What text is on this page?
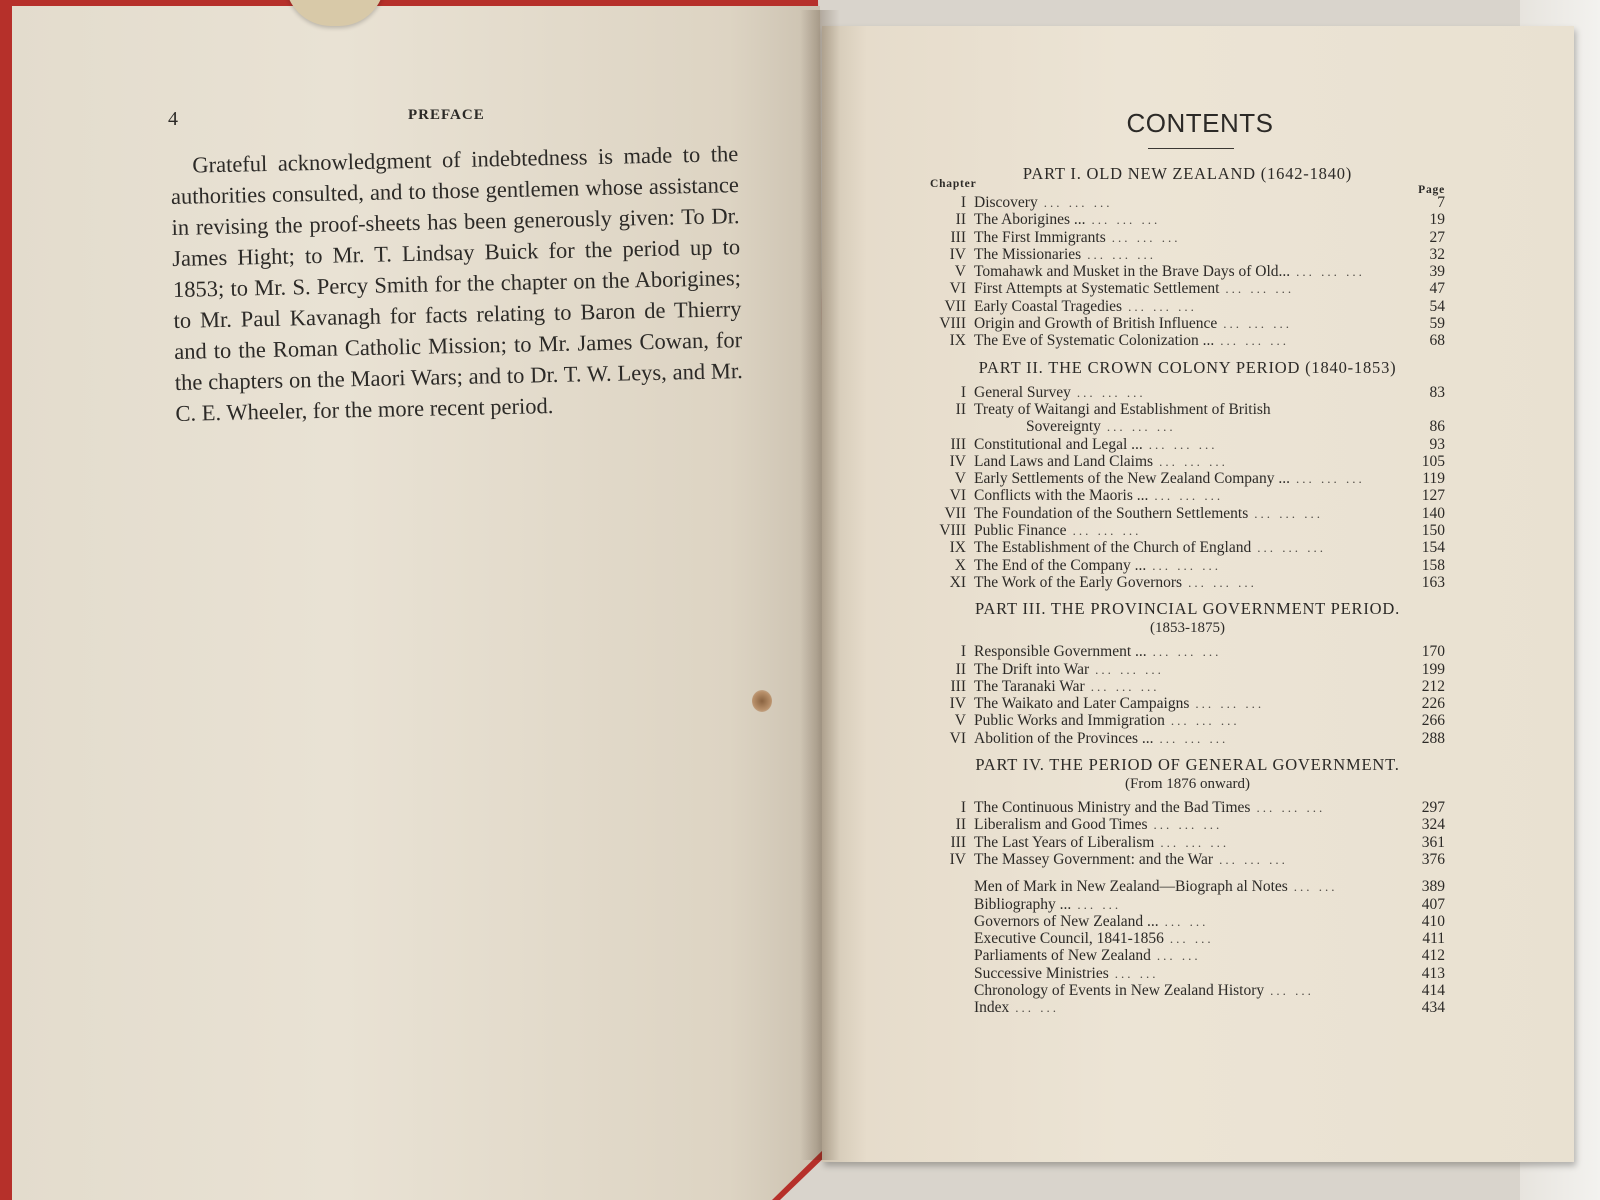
4	PREFACE

Grateful acknowledgment of indebtedness is made to the authorities consulted, and to those gentlemen whose assistance in revising the proof-sheets has been generously given: To Dr. James Hight; to Mr. T. Lindsay Buick for the period up to 1853; to Mr. S. Percy Smith for the chapter on the Aborigines; to Mr. Paul Kavanagh for facts relating to Baron de Thierry and to the Roman Catholic Mission; to Mr. James Cowan, for the chapters on the Maori Wars; and to Dr. T. W. Leys, and Mr. C. E. Wheeler, for the more recent period.

CONTENTS
PART I. OLD NEW ZEALAND (1642-1840)
Chapter	Page
I Discovery ... ... ...	7
II The Aborigines ... ... ... ...	19
III The First Immigrants ... ... ...	27
IV The Missionaries ... ... ...	32
V Tomahawk and Musket in the Brave Days of Old... ... ... ...	39
VI First Attempts at Systematic Settlement ... ... ...	47
VII Early Coastal Tragedies ... ... ...	54
VIII Origin and Growth of British Influence ... ... ...	59
IX The Eve of Systematic Colonization ... ... ... ...	68
PART II. THE CROWN COLONY PERIOD (1840-1853)
I General Survey ... ... ...	83
II Treaty of Waitangi and Establishment of British
Sovereignty ... ... ...	86
III Constitutional and Legal ... ... ... ...	93
IV Land Laws and Land Claims ... ... ...	105
V Early Settlements of the New Zealand Company ... ... ... ...	119
VI Conflicts with the Maoris ... ... ... ...	127
VII The Foundation of the Southern Settlements ... ... ...	140
VIII Public Finance ... ... ...	150
IX The Establishment of the Church of England ... ... ...	154
X The End of the Company ... ... ... ...	158
XI The Work of the Early Governors ... ... ...	163
PART III. THE PROVINCIAL GOVERNMENT PERIOD.
(1853-1875)
I Responsible Government ... ... ... ...	170
II The Drift into War ... ... ...	199
III The Taranaki War ... ... ...	212
IV The Waikato and Later Campaigns ... ... ...	226
V Public Works and Immigration ... ... ...	266
VI Abolition of the Provinces ... ... ... ...	288
PART IV. THE PERIOD OF GENERAL GOVERNMENT.
(From 1876 onward)
I The Continuous Ministry and the Bad Times ... ... ...	297
II Liberalism and Good Times ... ... ...	324
III The Last Years of Liberalism ... ... ...	361
IV The Massey Government: and the War ... ... ...	376
Men of Mark in New Zealand—Biograph al Notes ... ...	389
Bibliography ... ... ...	407
Governors of New Zealand ... ... ...	410
Executive Council, 1841-1856 ... ...	411
Parliaments of New Zealand ... ...	412
Successive Ministries ... ...	413
Chronology of Events in New Zealand History ... ...	414
Index ... ...	434
